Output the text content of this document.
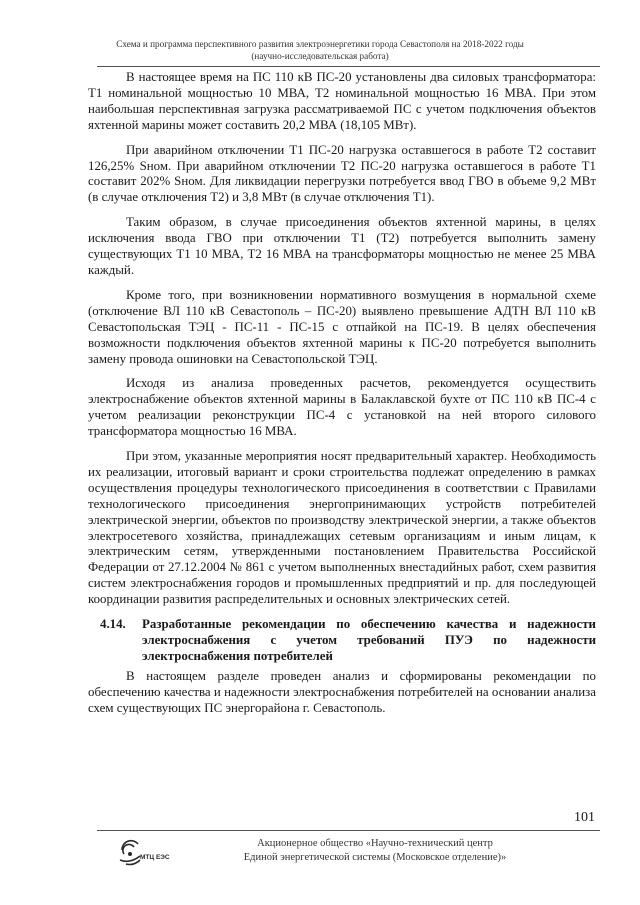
Схема и программа перспективного развития электроэнергетики города Севастополя на 2018-2022 годы
(научно-исследовательская работа)

В настоящее время на ПС 110 кВ ПС-20 установлены два силовых трансформатора: Т1 номинальной мощностью 10 МВА, Т2 номинальной мощностью 16 МВА. При этом наибольшая перспективная загрузка рассматриваемой ПС с учетом подключения объектов яхтенной марины может составить 20,2 МВА (18,105 МВт).

При аварийном отключении Т1 ПС-20 нагрузка оставшегося в работе Т2 составит 126,25% Sном. При аварийном отключении Т2 ПС-20 нагрузка оставшегося в работе Т1 составит 202% Sном. Для ликвидации перегрузки потребуется ввод ГВО в объеме 9,2 МВт (в случае отключения Т2) и 3,8 МВт (в случае отключения Т1).

Таким образом, в случае присоединения объектов яхтенной марины, в целях исключения ввода ГВО при отключении Т1 (Т2) потребуется выполнить замену существующих Т1 10 МВА, Т2 16 МВА на трансформаторы мощностью не менее 25 МВА каждый.

Кроме того, при возникновении нормативного возмущения в нормальной схеме (отключение ВЛ 110 кВ Севастополь – ПС-20) выявлено превышение АДТН ВЛ 110 кВ Севастопольская ТЭЦ - ПС-11 - ПС-15 с отпайкой на ПС-19. В целях обеспечения возможности подключения объектов яхтенной марины к ПС-20 потребуется выполнить замену провода ошиновки на Севастопольской ТЭЦ.

Исходя из анализа проведенных расчетов, рекомендуется осуществить электроснабжение объектов яхтенной марины в Балаклавской бухте от ПС 110 кВ ПС-4 с учетом реализации реконструкции ПС-4 с установкой на ней второго силового трансформатора мощностью 16 МВА.

При этом, указанные мероприятия носят предварительный характер. Необходимость их реализации, итоговый вариант и сроки строительства подлежат определению в рамках осуществления процедуры технологического присоединения в соответствии с Правилами технологического присоединения энергопринимающих устройств потребителей электрической энергии, объектов по производству электрической энергии, а также объектов электросетевого хозяйства, принадлежащих сетевым организациям и иным лицам, к электрическим сетям, утвержденными постановлением Правительства Российской Федерации от 27.12.2004 № 861 с учетом выполненных внестадийных работ, схем развития систем электроснабжения городов и промышленных предприятий и пр. для последующей координации развития распределительных и основных электрических сетей.

4.14.	Разработанные рекомендации по обеспечению качества и надежности электроснабжения с учетом требований ПУЭ по надежности электроснабжения потребителей

В настоящем разделе проведен анализ и сформированы рекомендации по обеспечению качества и надежности электроснабжения потребителей на основании анализа схем существующих ПС энергорайона г. Севастополь.

101
МТЦ ЕЭС
Акционерное общество «Научно-технический центр
Единой энергетической системы (Московское отделение)»
